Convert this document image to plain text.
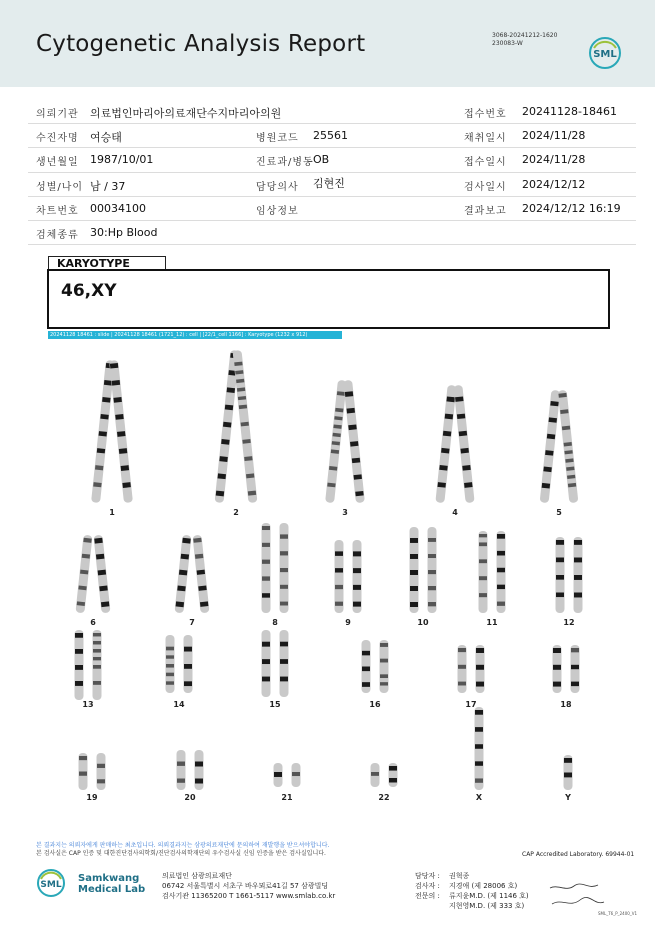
Cytogenetic Analysis Report	3068-20241212-1620
230083-W
SML
의뢰기관 의료법인마리아의료재단수지마리아의원	접수번호 20241128-18461
수진자명 여승태	병원코드 25561	채취일시 2024/11/28
생년월일 1987/10/01	진료과/병동 OB	접수일시 2024/11/28
성별/나이 남 / 37	담당의사 김현진	검사일시 2024/12/12
차트번호 00034100	임상정보	결과보고 2024/12/12 16:19
검체종류 30:Hp Blood
KARYOTYPE
46,XY
20241128 18461 : slide | 20241128 18461 (1721_12) : cell | [22/1_cell 1166] : Karyotype (1232 x 912)
1	2	3	4	5
6	7	8	9	10	11	12
13	14	15	16	17	18
19	20	21	22	X	Y
본 결과지는 의뢰자에게 판매하는 최초입니다. 의뢰결과지는 삼광의료재단에 문의하여 재발행을 받으셔야합니다.
본 검사실은 CAP 인증 및 대한진단검사의학회/진단검사의학재단의 우수검사실 신임 인증을 받은 검사실입니다.	CAP Accredited Laboratory. 69944-01
SML
Samkwang
Medical Lab
의료법인 삼광의료재단
06742 서울특별시 서초구 바우뫼로41길 57 삼광빌딩
검사기관 11365200 T 1661-5117 www.smlab.co.kr
담당자 : 권혁종
검사자 : 지경애 (제 28006 호)
전문의 : 류지윤M.D. (제 1146 호)
지현영M.D. (제 333 호)
SML_T6_P_2400_V1
